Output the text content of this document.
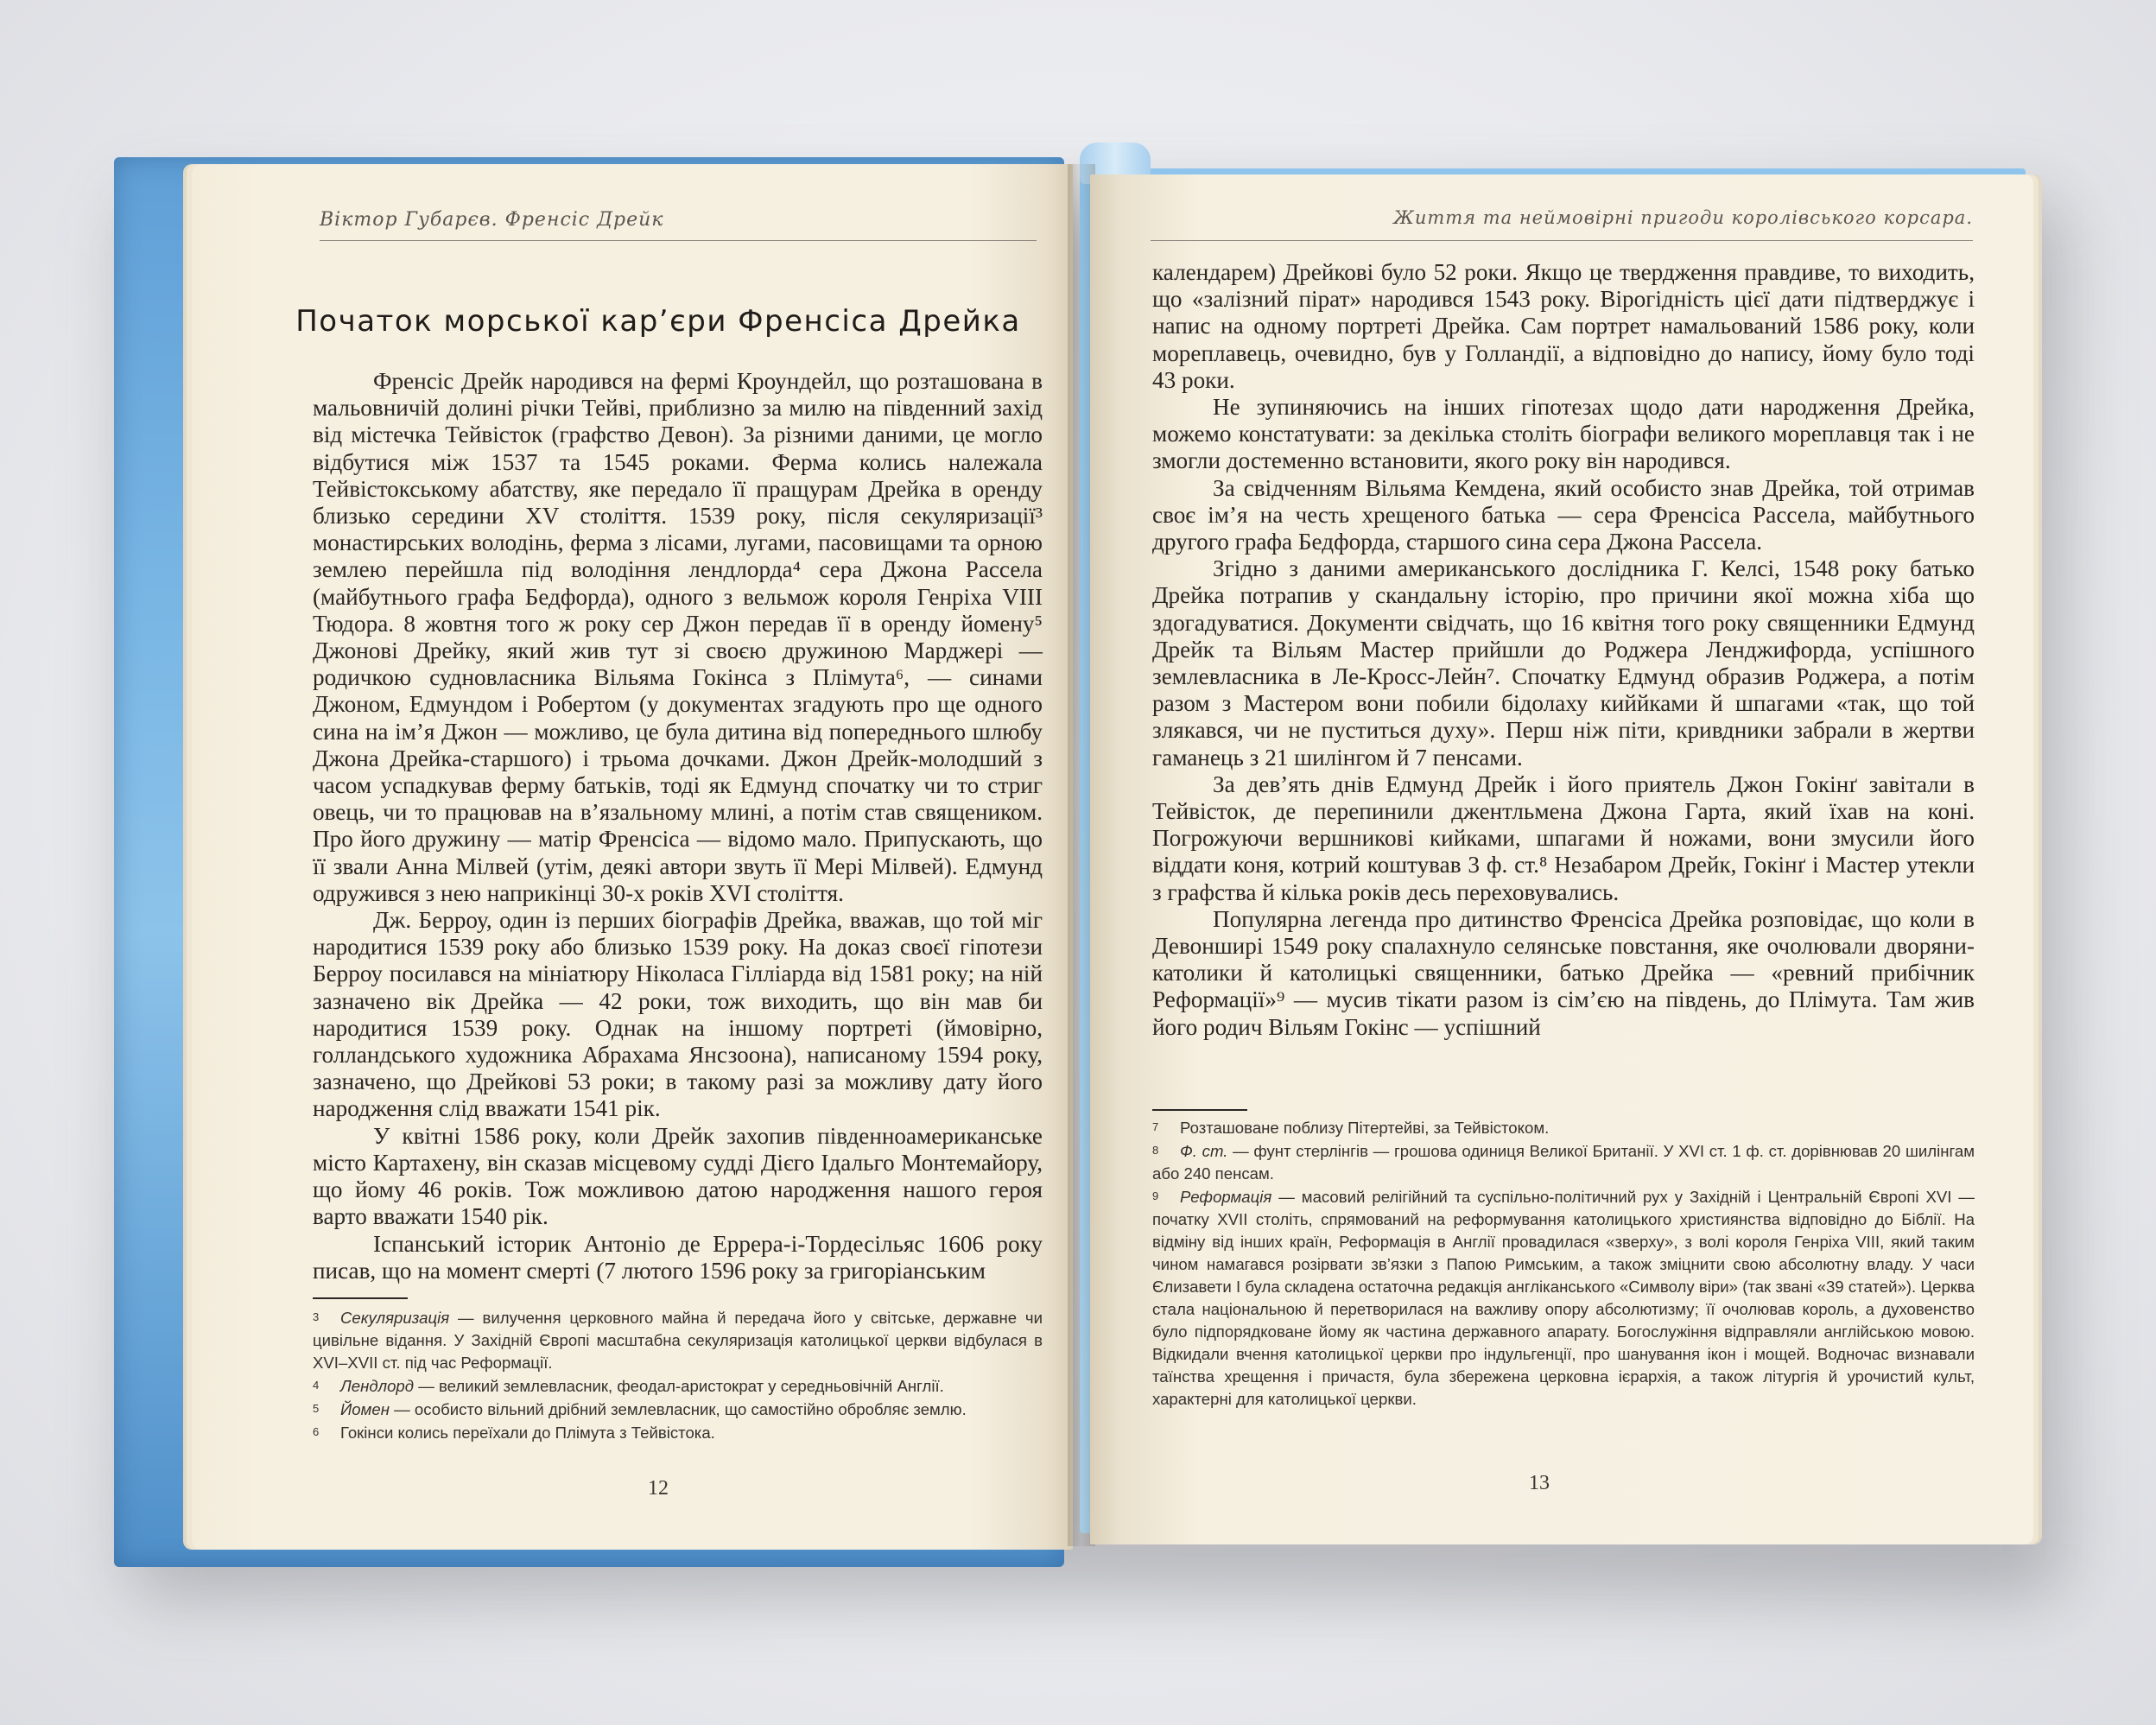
Віктор Губарєв. Френсіс Дрейк
Початок морської кар’єри Френсіса Дрейка

Френсіс Дрейк народився на фермі Кроундейл, що розташована в мальовничій долині річки Тейві, приблизно за милю на південний захід від містечка Тейвісток (графство Девон). За різними даними, це могло відбутися між 1537 та 1545 роками. Ферма колись належала Тейвістокському абатству, яке передало її пращурам Дрейка в оренду близько середини XV століття. 1539 року, після секуляризації³ монастирських володінь, ферма з лісами, лугами, пасовищами та орною землею перейшла під володіння лендлорда⁴ сера Джона Рассела (майбутнього графа Бедфорда), одного з вельмож короля Генріха VIII Тюдора. 8 жовтня того ж року сер Джон передав її в оренду йомену⁵ Джонові Дрейку, який жив тут зі своєю дружиною Марджері — родичкою судновласника Вільяма Гокінса з Плімута⁶, — синами Джоном, Едмундом і Робертом (у документах згадують про ще одного сина на ім’я Джон — можливо, це була дитина від попереднього шлюбу Джона Дрейка-старшого) і трьома дочками. Джон Дрейк-молодший з часом успадкував ферму батьків, тоді як Едмунд спочатку чи то стриг овець, чи то працював на в’язальному млині, а потім став священиком. Про його дружину — матір Френсіса — відомо мало. Припускають, що її звали Анна Мілвей (утім, деякі автори звуть її Мері Мілвей). Едмунд одружився з нею наприкінці 30-х років XVI століття.

Дж. Берроу, один із перших біографів Дрейка, вважав, що той міг народитися 1539 року або близько 1539 року. На доказ своєї гіпотези Берроу посилався на мініатюру Ніколаса Гілліарда від 1581 року; на ній зазначено вік Дрейка — 42 роки, тож виходить, що він мав би народитися 1539 року. Однак на іншому портреті (ймовірно, голландського художника Абрахама Янсзоона), написаному 1594 року, зазначено, що Дрейкові 53 роки; в такому разі за можливу дату його народження слід вважати 1541 рік.

У квітні 1586 року, коли Дрейк захопив південноамериканське місто Картахену, він сказав місцевому судді Дієго Ідальго Монтемайору, що йому 46 років. Тож можливою датою народження нашого героя варто вважати 1540 рік.

Іспанський історик Антоніо де Еррера-і-Тордесільяс 1606 року писав, що на момент смерті (7 лютого 1596 року за григоріанським

3 Секуляризація — вилучення церковного майна й передача його у світське, державне чи цивільне відання. У Західній Європі масштабна секуляризація католицької церкви відбулася в XVI–XVII ст. під час Реформації.
4 Лендлорд — великий землевласник, феодал-аристократ у середньовічній Англії.
5 Йомен — особисто вільний дрібний землевласник, що самостійно обробляє землю.
6 Гокінси колись переїхали до Плімута з Тейвістока.
12
Життя та неймовірні пригоди королівського корсара.

календарем) Дрейкові було 52 роки. Якщо це твердження правдиве, то виходить, що «залізний пірат» народився 1543 року. Вірогідність цієї дати підтверджує і напис на одному портреті Дрейка. Сам портрет намальований 1586 року, коли мореплавець, очевидно, був у Голландії, а відповідно до напису, йому було тоді 43 роки.

Не зупиняючись на інших гіпотезах щодо дати народження Дрейка, можемо констатувати: за декілька століть біографи великого мореплавця так і не змогли достеменно встановити, якого року він народився.

За свідченням Вільяма Кемдена, який особисто знав Дрейка, той отримав своє ім’я на честь хрещеного батька — сера Френсіса Рассела, майбутнього другого графа Бедфорда, старшого сина сера Джона Рассела.

Згідно з даними американського дослідника Г. Келсі, 1548 року батько Дрейка потрапив у скандальну історію, про причини якої можна хіба що здогадуватися. Документи свідчать, що 16 квітня того року священники Едмунд Дрейк та Вільям Мастер прийшли до Роджера Ленджифорда, успішного землевласника в Ле-Кросс-Лейн⁷. Спочатку Едмунд образив Роджера, а потім разом з Мастером вони побили бідолаху киййками й шпагами «так, що той злякався, чи не пуститься духу». Перш ніж піти, кривдники забрали в жертви гаманець з 21 шилінгом й 7 пенсами.

За дев’ять днів Едмунд Дрейк і його приятель Джон Гокінґ завітали в Тейвісток, де перепинили джентльмена Джона Гарта, який їхав на коні. Погрожуючи вершникові кийками, шпагами й ножами, вони змусили його віддати коня, котрий коштував 3 ф. ст.⁸ Незабаром Дрейк, Гокінґ і Мастер утекли з графства й кілька років десь переховувались.

Популярна легенда про дитинство Френсіса Дрейка розповідає, що коли в Девонширі 1549 року спалахнуло селянське повстання, яке очолювали дворяни-католики й католицькі священники, батько Дрейка — «ревний прибічник Реформації»⁹ — мусив тікати разом із сім’єю на південь, до Плімута. Там жив його родич Вільям Гокінс — успішний

7 Розташоване поблизу Пітертейві, за Тейвістоком.
8 Ф. ст. — фунт стерлінгів — грошова одиниця Великої Британії. У XVI ст. 1 ф. ст. дорівнював 20 шилінгам або 240 пенсам.
9 Реформація — масовий релігійний та суспільно-політичний рух у Західній і Центральній Європі XVI — початку XVII століть, спрямований на реформування католицького християнства відповідно до Біблії. На відміну від інших країн, Реформація в Англії провадилася «зверху», з волі короля Генріха VIII, який таким чином намагався розірвати зв’язки з Папою Римським, а також зміцнити свою абсолютну владу. У часи Єлизавети I була складена остаточна редакція англіканського «Символу віри» (так звані «39 статей»). Церква стала національною й перетворилася на важливу опору абсолютизму; її очолював король, а духовенство було підпорядковане йому як частина державного апарату. Богослужіння відправляли англійською мовою. Відкидали вчення католицької церкви про індульгенції, про шанування ікон і мощей. Водночас визнавали таїнства хрещення і причастя, була збережена церковна ієрархія, а також літургія й урочистий культ, характерні для католицької церкви.
13
